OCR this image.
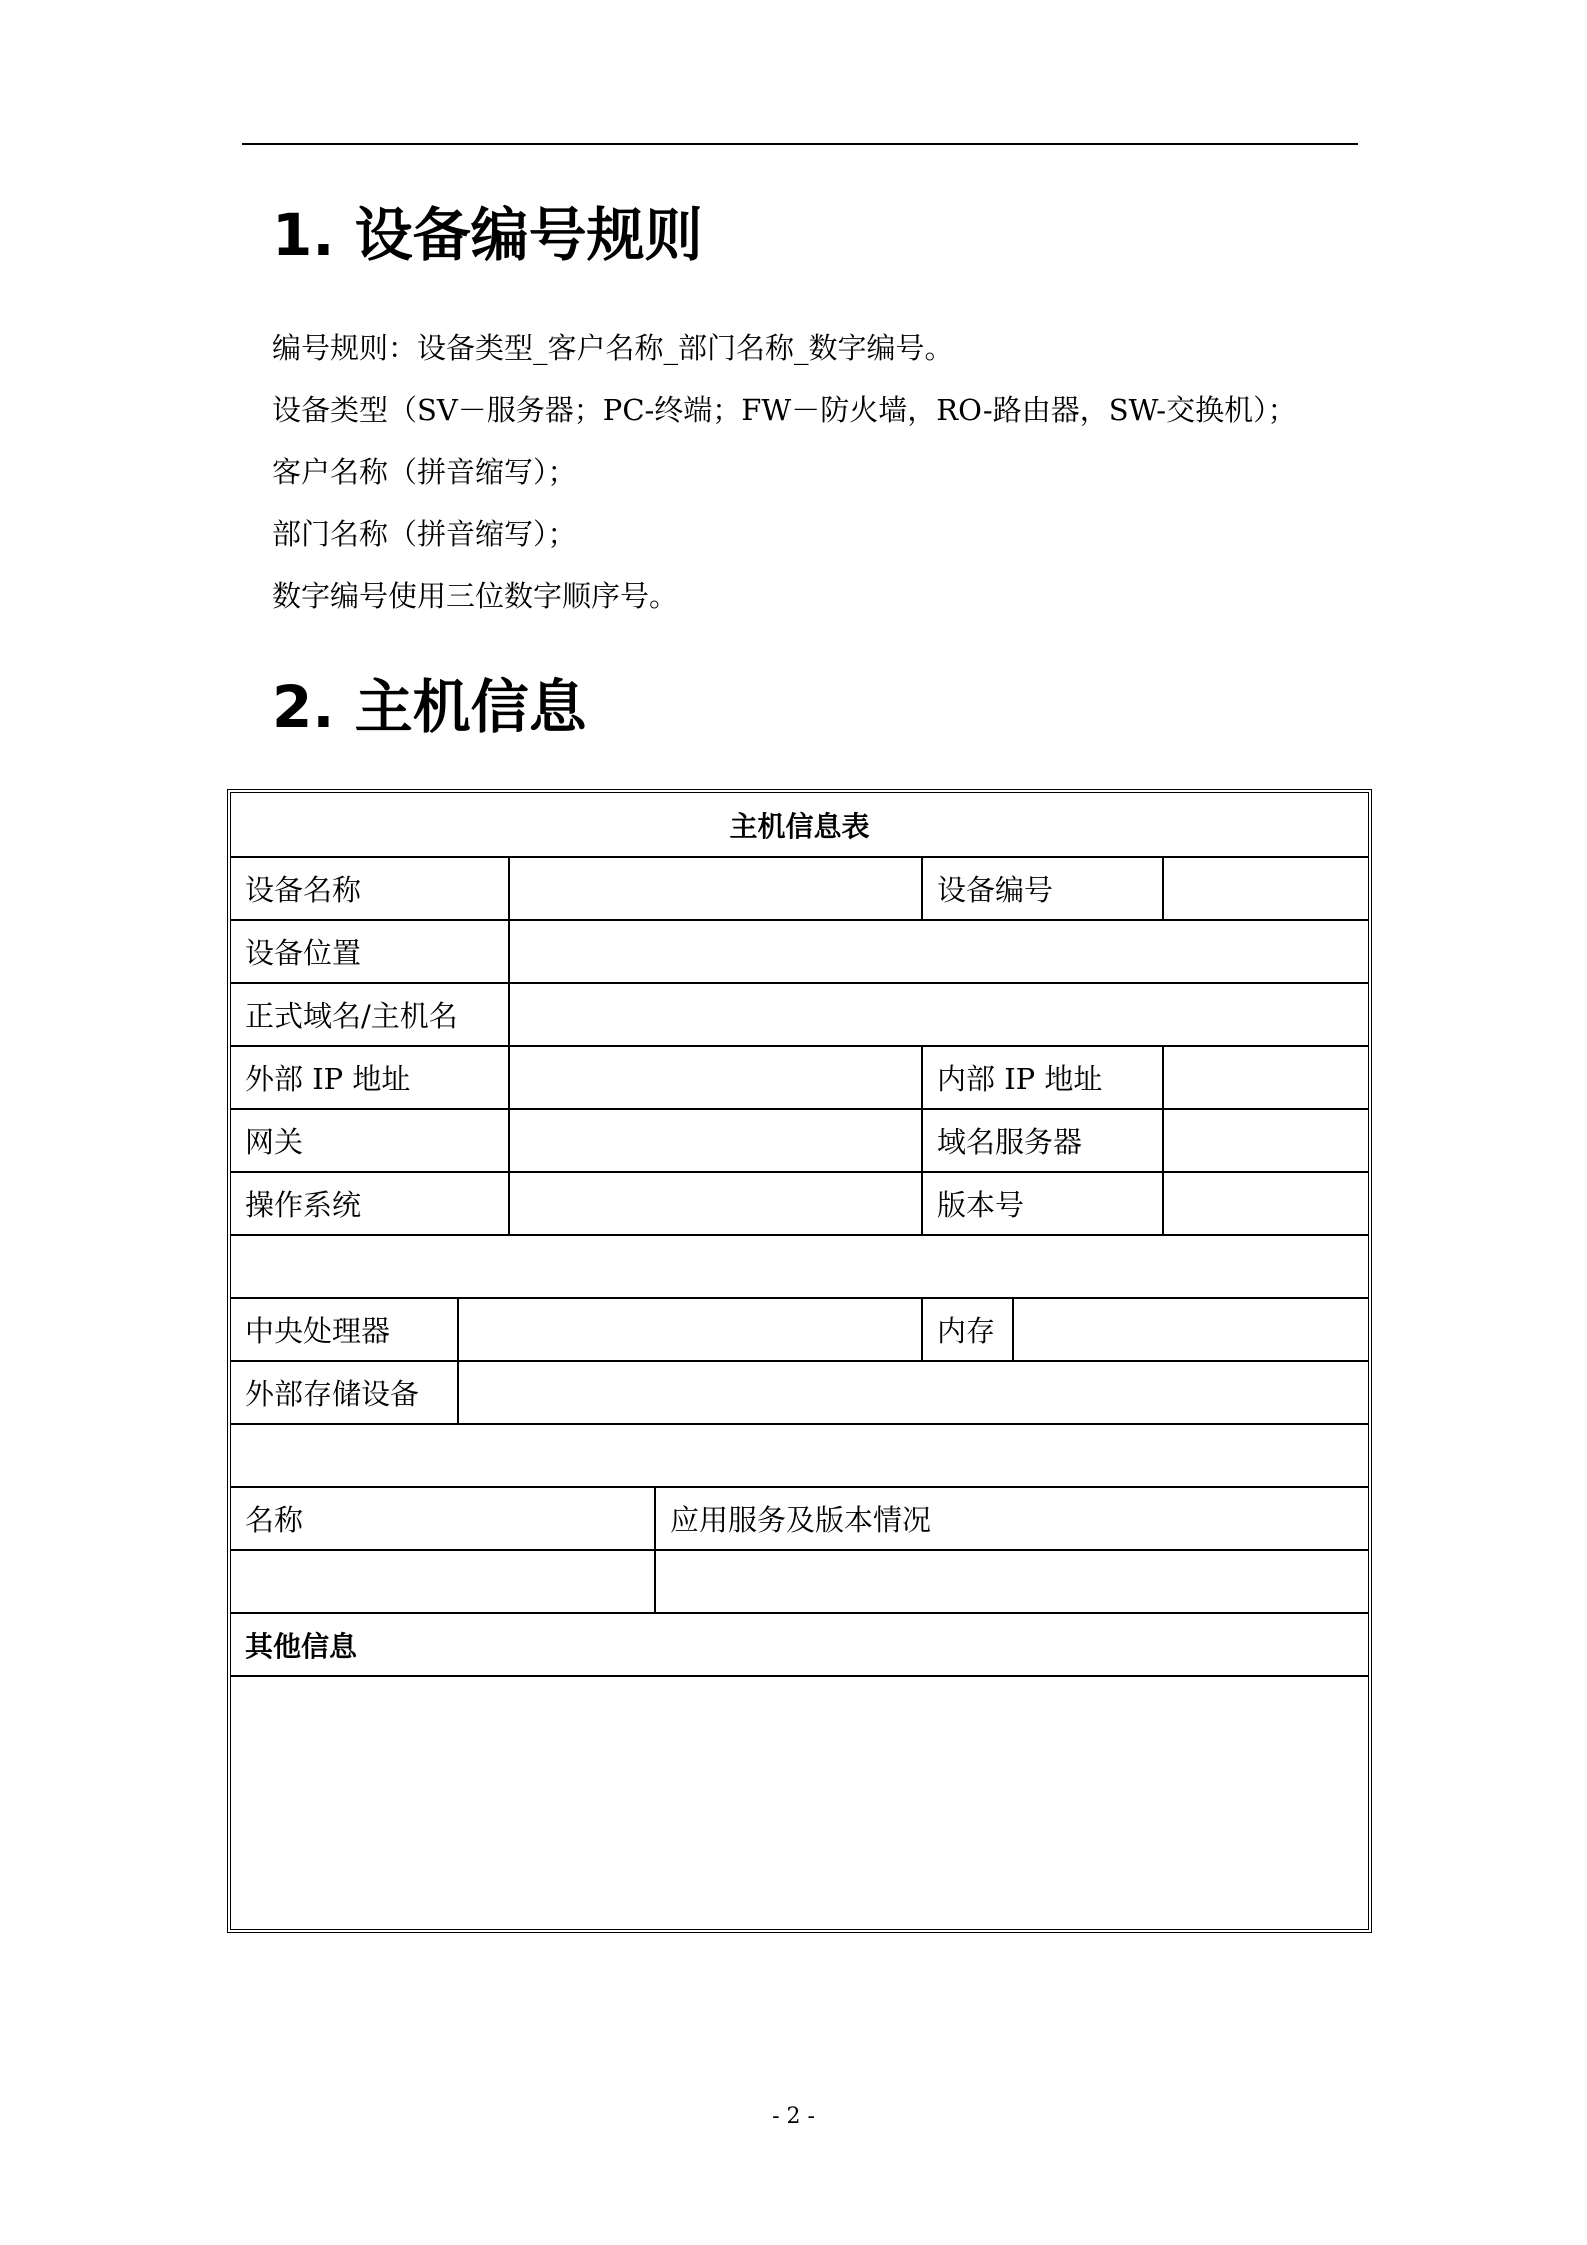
1. 设备编号规则
编号规则：设备类型_客户名称_部门名称_数字编号。
设备类型（SV－服务器；PC-终端；FW－防火墙，RO-路由器，SW-交换机）；
客户名称（拼音缩写）；
部门名称（拼音缩写）；
数字编号使用三位数字顺序号。
2. 主机信息
主机信息表						
设备名称				设备编号		
设备位置						
正式域名/主机名						
外部 IP 地址				内部 IP 地址		
网关				域名服务器		
操作系统				版本号		

中央处理器				内存		
外部存储设备						

名称			应用服务及版本情况			

其他信息						

- 2 -
